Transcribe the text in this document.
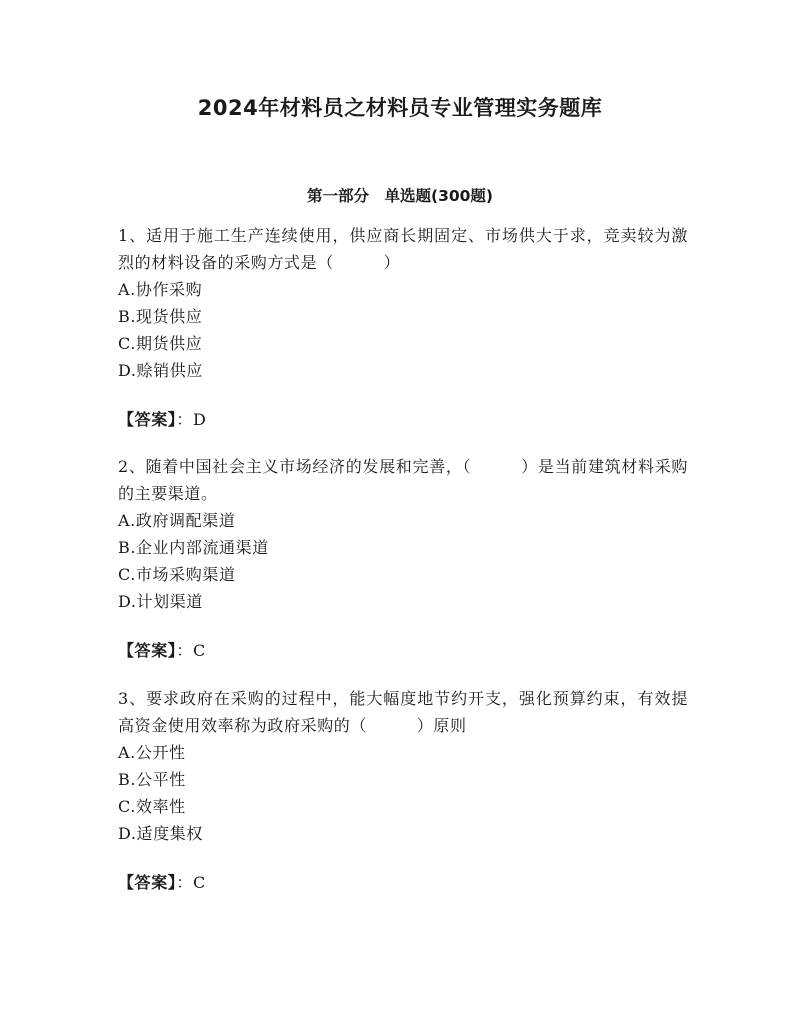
2024年材料员之材料员专业管理实务题库
第一部分　单选题(300题)

1、适用于施工生产连续使用，供应商长期固定、市场供大于求，竞卖较为激烈的材料设备的采购方式是（　　　）

A.协作采购

B.现货供应

C.期货供应

D.赊销供应

【答案】：D

2、随着中国社会主义市场经济的发展和完善，（　　　）是当前建筑材料采购的主要渠道。

A.政府调配渠道

B.企业内部流通渠道

C.市场采购渠道

D.计划渠道

【答案】：C

3、要求政府在采购的过程中，能大幅度地节约开支，强化预算约束，有效提高资金使用效率称为政府采购的（　　　）原则

A.公开性

B.公平性

C.效率性

D.适度集权

【答案】：C
